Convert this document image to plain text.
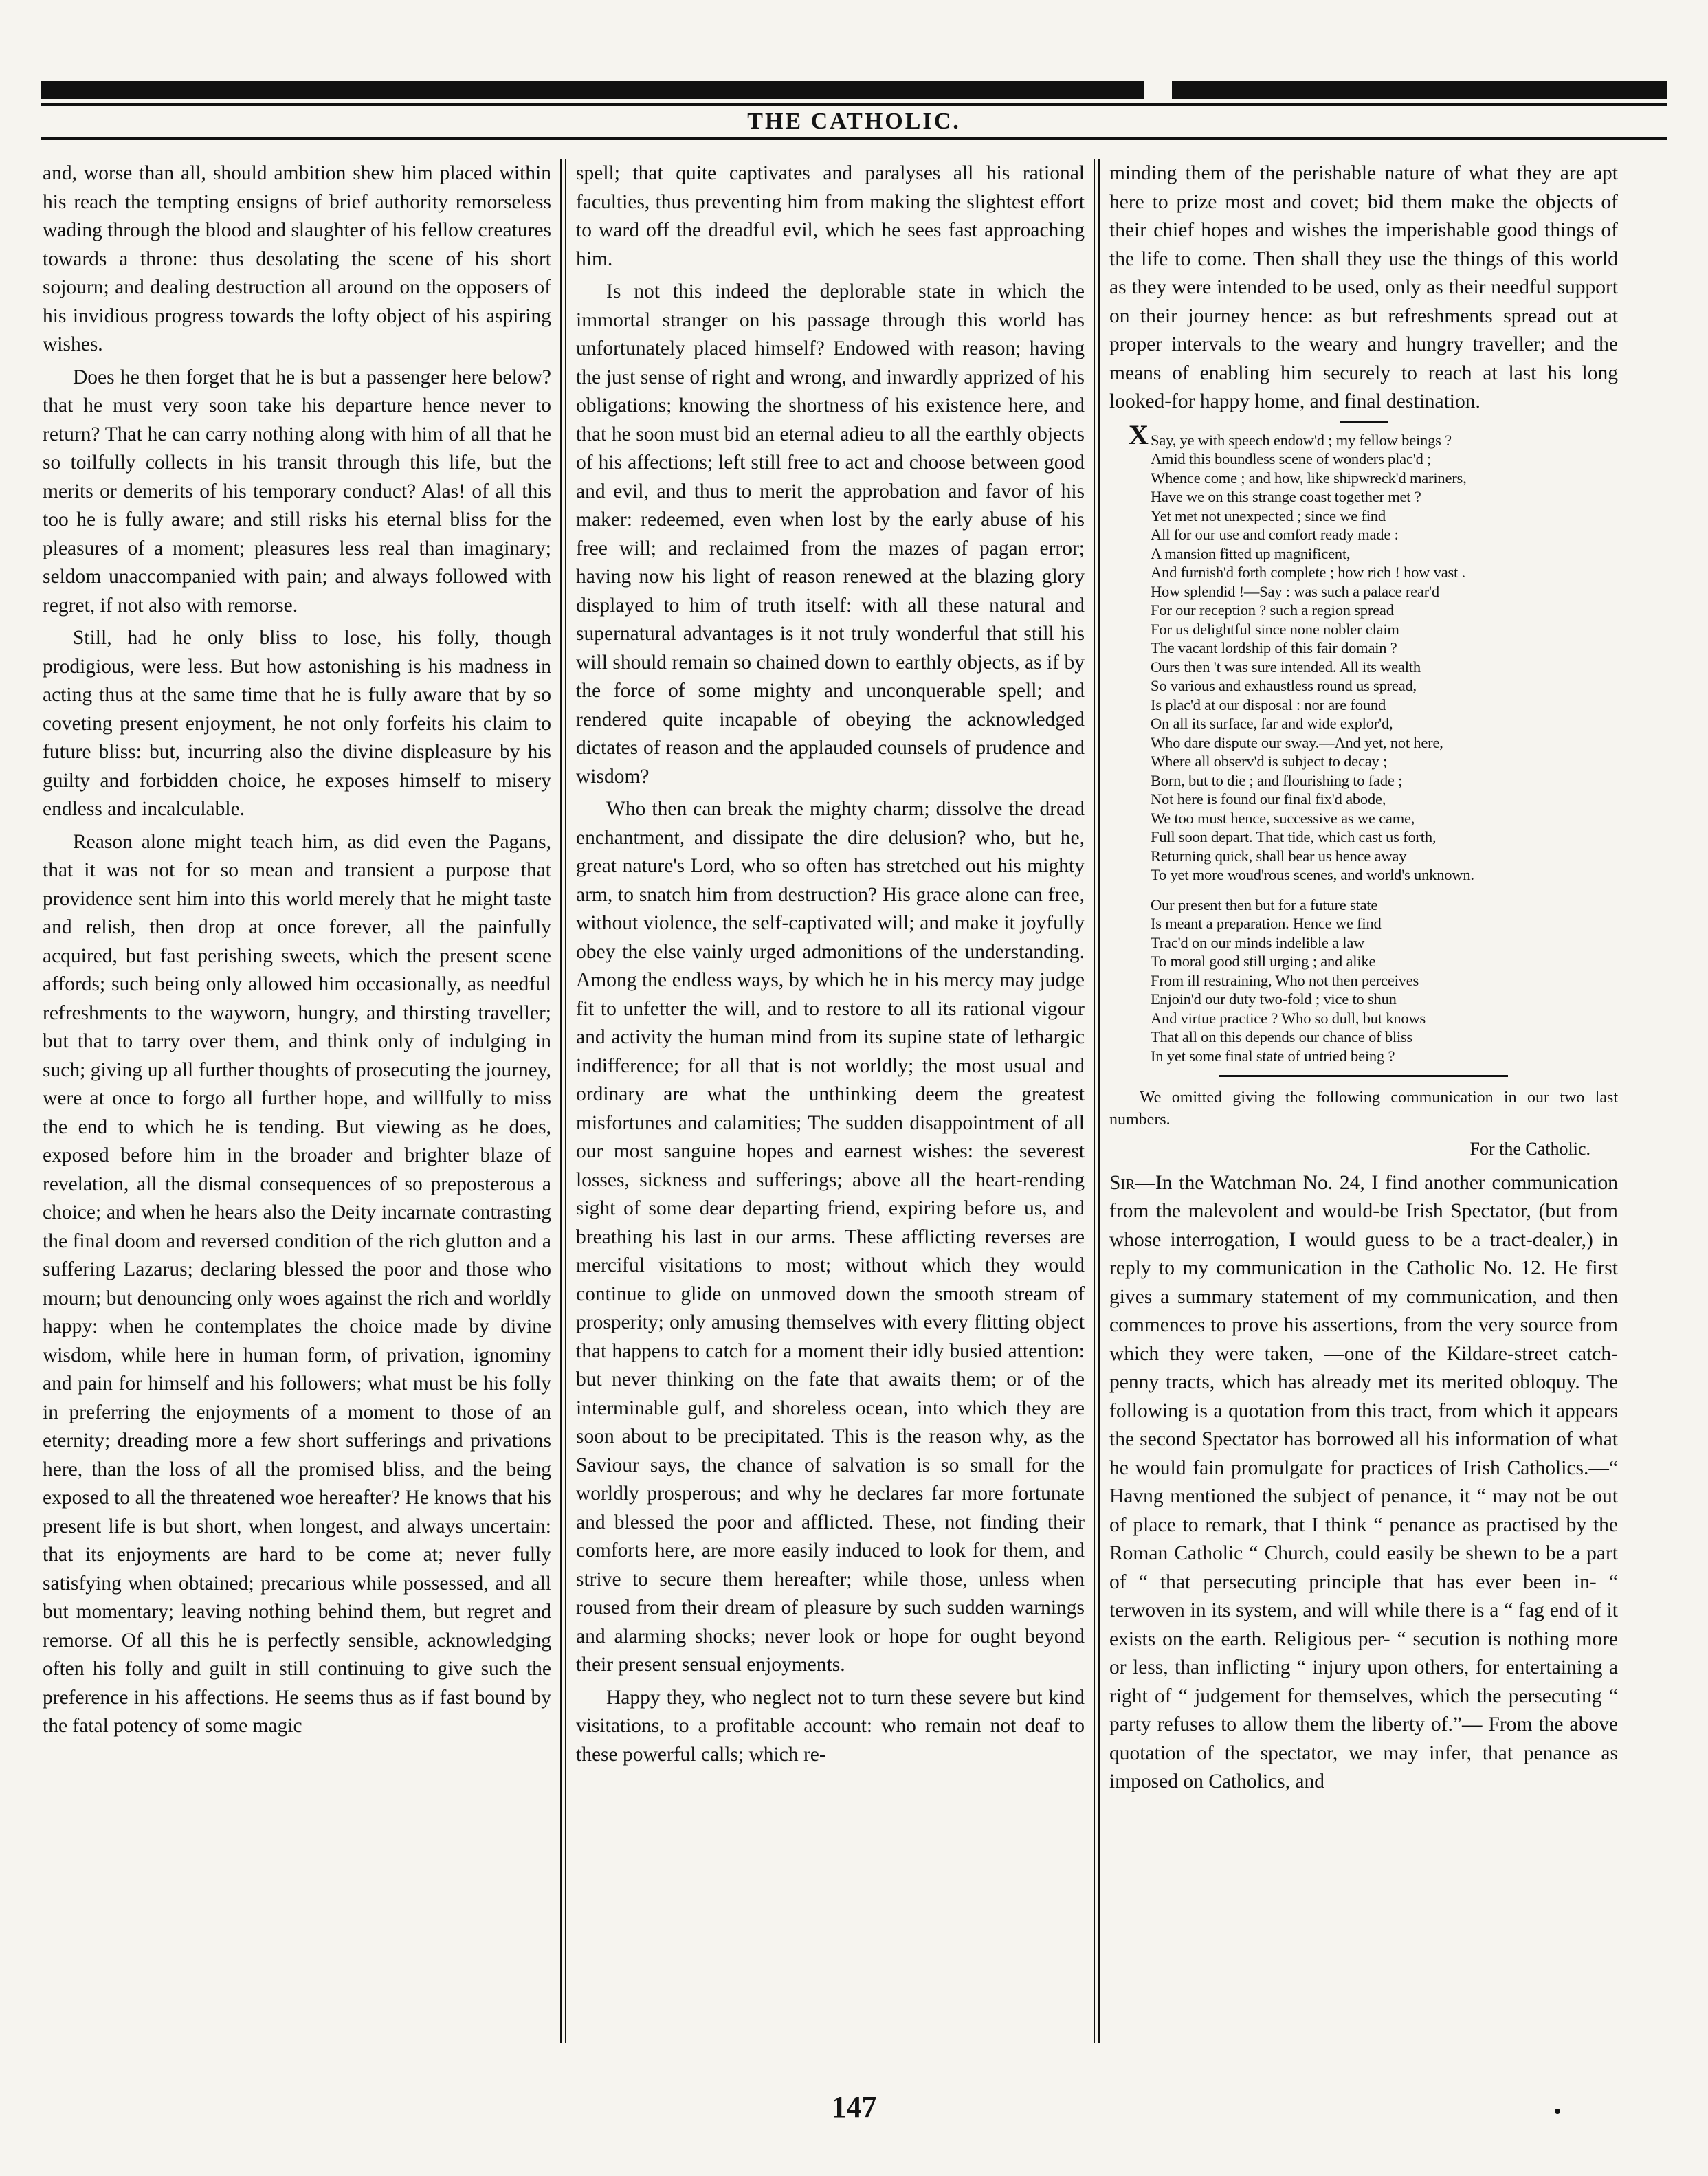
THE CATHOLIC.

and, worse than all, should ambition shew him placed within his reach the tempting ensigns of brief authority remorseless wading through the blood and slaughter of his fellow creatures towards a throne: thus desolating the scene of his short sojourn; and dealing destruction all around on the opposers of his invidious progress towards the lofty object of his aspiring wishes.

Does he then forget that he is but a passenger here below? that he must very soon take his departure hence never to return? That he can carry nothing along with him of all that he so toilfully collects in his transit through this life, but the merits or demerits of his temporary conduct? Alas! of all this too he is fully aware; and still risks his eternal bliss for the pleasures of a moment; pleasures less real than imaginary; seldom unaccompanied with pain; and always followed with regret, if not also with remorse.

Still, had he only bliss to lose, his folly, though prodigious, were less. But how astonishing is his madness in acting thus at the same time that he is fully aware that by so coveting present enjoyment, he not only forfeits his claim to future bliss: but, incurring also the divine displeasure by his guilty and forbidden choice, he exposes himself to misery endless and incalculable.

Reason alone might teach him, as did even the Pagans, that it was not for so mean and transient a purpose that providence sent him into this world merely that he might taste and relish, then drop at once forever, all the painfully acquired, but fast perishing sweets, which the present scene affords; such being only allowed him occasionally, as needful refreshments to the wayworn, hungry, and thirsting traveller; but that to tarry over them, and think only of indulging in such; giving up all further thoughts of prosecuting the journey, were at once to forgo all further hope, and willfully to miss the end to which he is tending. But viewing as he does, exposed before him in the broader and brighter blaze of revelation, all the dismal consequences of so preposterous a choice; and when he hears also the Deity incarnate contrasting the final doom and reversed condition of the rich glutton and a suffering Lazarus; declaring blessed the poor and those who mourn; but denouncing only woes against the rich and worldly happy: when he contemplates the choice made by divine wisdom, while here in human form, of privation, ignominy and pain for himself and his followers; what must be his folly in preferring the enjoyments of a moment to those of an eternity; dreading more a few short sufferings and privations here, than the loss of all the promised bliss, and the being exposed to all the threatened woe hereafter? He knows that his present life is but short, when longest, and always uncertain: that its enjoyments are hard to be come at; never fully satisfying when obtained; precarious while possessed, and all but momentary; leaving nothing behind them, but regret and remorse. Of all this he is perfectly sensible, acknowledging often his folly and guilt in still continuing to give such the preference in his affections. He seems thus as if fast bound by the fatal potency of some magic

spell; that quite captivates and paralyses all his rational faculties, thus preventing him from making the slightest effort to ward off the dreadful evil, which he sees fast approaching him.

Is not this indeed the deplorable state in which the immortal stranger on his passage through this world has unfortunately placed himself? Endowed with reason; having the just sense of right and wrong, and inwardly apprized of his obligations; knowing the shortness of his existence here, and that he soon must bid an eternal adieu to all the earthly objects of his affections; left still free to act and choose between good and evil, and thus to merit the approbation and favor of his maker: redeemed, even when lost by the early abuse of his free will; and reclaimed from the mazes of pagan error; having now his light of reason renewed at the blazing glory displayed to him of truth itself: with all these natural and supernatural advantages is it not truly wonderful that still his will should remain so chained down to earthly objects, as if by the force of some mighty and unconquerable spell; and rendered quite incapable of obeying the acknowledged dictates of reason and the applauded counsels of prudence and wisdom?

Who then can break the mighty charm; dissolve the dread enchantment, and dissipate the dire delusion? who, but he, great nature's Lord, who so often has stretched out his mighty arm, to snatch him from destruction? His grace alone can free, without violence, the self-captivated will; and make it joyfully obey the else vainly urged admonitions of the understanding. Among the endless ways, by which he in his mercy may judge fit to unfetter the will, and to restore to all its rational vigour and activity the human mind from its supine state of lethargic indifference; for all that is not worldly; the most usual and ordinary are what the unthinking deem the greatest misfortunes and calamities; The sudden disappointment of all our most sanguine hopes and earnest wishes: the severest losses, sickness and sufferings; above all the heart-rending sight of some dear departing friend, expiring before us, and breathing his last in our arms. These afflicting reverses are merciful visitations to most; without which they would continue to glide on unmoved down the smooth stream of prosperity; only amusing themselves with every flitting object that happens to catch for a moment their idly busied attention: but never thinking on the fate that awaits them; or of the interminable gulf, and shoreless ocean, into which they are soon about to be precipitated. This is the reason why, as the Saviour says, the chance of salvation is so small for the worldly prosperous; and why he declares far more fortunate and blessed the poor and afflicted. These, not finding their comforts here, are more easily induced to look for them, and strive to secure them hereafter; while those, unless when roused from their dream of pleasure by such sudden warnings and alarming shocks; never look or hope for ought beyond their present sensual enjoyments.

Happy they, who neglect not to turn these severe but kind visitations, to a profitable account: who remain not deaf to these powerful calls; which re-

minding them of the perishable nature of what they are apt here to prize most and covet; bid them make the objects of their chief hopes and wishes the imperishable good things of the life to come. Then shall they use the things of this world as they were intended to be used, only as their needful support on their journey hence: as but refreshments spread out at proper intervals to the weary and hungry traveller; and the means of enabling him securely to reach at last his long looked-for happy home, and final destination.

X Say, ye with speech endow'd ; my fellow beings ?
Amid this boundless scene of wonders plac'd ;
Whence come ; and how, like shipwreck'd mariners,
Have we on this strange coast together met ?
Yet met not unexpected ; since we find
All for our use and comfort ready made :
A mansion fitted up magnificent,
And furnish'd forth complete ; how rich ! how vast .
How splendid !—Say : was such a palace rear'd
For our reception ? such a region spread
For us delightful since none nobler claim
The vacant lordship of this fair domain ?
Ours then 't was sure intended. All its wealth
So various and exhaustless round us spread,
Is plac'd at our disposal : nor are found
On all its surface, far and wide explor'd,
Who dare dispute our sway.—And yet, not here,
Where all observ'd is subject to decay ;
Born, but to die ; and flourishing to fade ;
Not here is found our final fix'd abode,
We too must hence, successive as we came,
Full soon depart. That tide, which cast us forth,
Returning quick, shall bear us hence away
To yet more woud'rous scenes, and world's unknown.
Our present then but for a future state
Is meant a preparation. Hence we find
Trac'd on our minds indelible a law
To moral good still urging ; and alike
From ill restraining, Who not then perceives
Enjoin'd our duty two-fold ; vice to shun
And virtue practice ? Who so dull, but knows
That all on this depends our chance of bliss
In yet some final state of untried being ?

We omitted giving the following communication in our two last numbers.

For the Catholic.

Sir—In the Watchman No. 24, I find another communication from the malevolent and would-be Irish Spectator, (but from whose interrogation, I would guess to be a tract-dealer,) in reply to my communication in the Catholic No. 12. He first gives a summary statement of my communication, and then commences to prove his assertions, from the very source from which they were taken, —one of the Kildare-street catch-penny tracts, which has already met its merited obloquy. The following is a quotation from this tract, from which it appears the second Spectator has borrowed all his information of what he would fain promulgate for practices of Irish Catholics.—“ Havng mentioned the subject of penance, it “ may not be out of place to remark, that I think “ penance as practised by the Roman Catholic “ Church, could easily be shewn to be a part of “ that persecuting principle that has ever been in- “ terwoven in its system, and will while there is a “ fag end of it exists on the earth. Religious per- “ secution is nothing more or less, than inflicting “ injury upon others, for entertaining a right of “ judgement for themselves, which the persecuting “ party refuses to allow them the liberty of.”— From the above quotation of the spectator, we may infer, that penance as imposed on Catholics, and

147
